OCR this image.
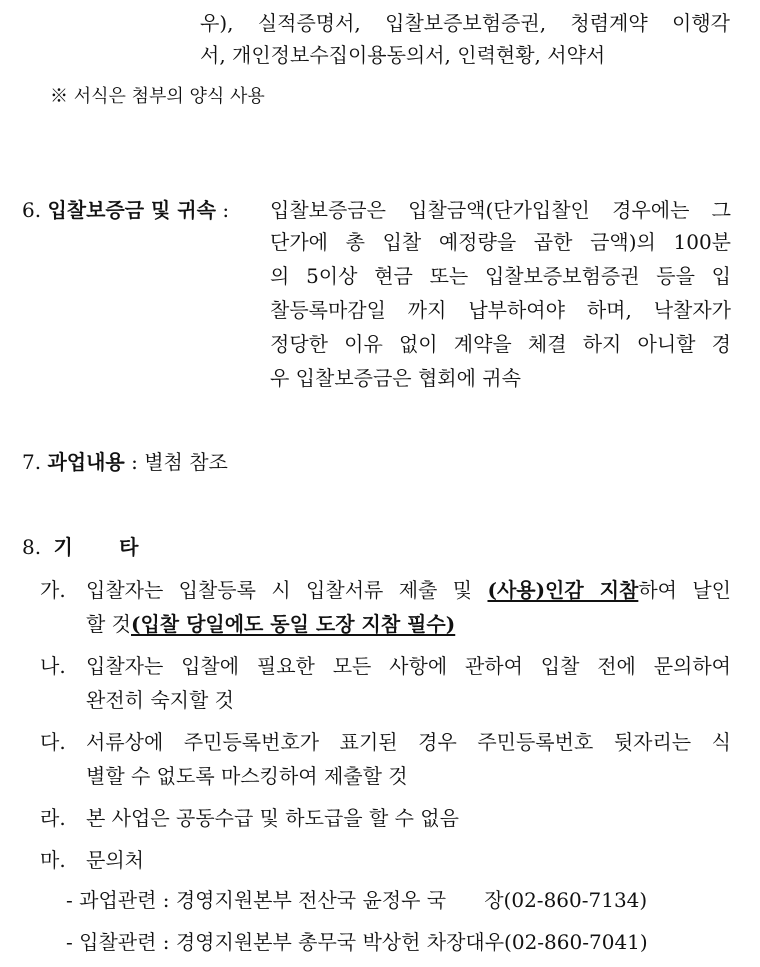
우), 실적증명서, 입찰보증보험증권, 청렴계약 이행각
서, 개인정보수집이용동의서, 인력현황, 서약서
※ 서식은 첨부의 양식 사용
6. 입찰보증금 및 귀속 : 입찰보증금은 입찰금액(단가입찰인 경우에는 그
단가에 총 입찰 예정량을 곱한 금액)의 100분
의 5이상 현금 또는 입찰보증보험증권 등을 입
찰등록마감일 까지 납부하여야 하며, 낙찰자가
정당한 이유 없이 계약을 체결 하지 아니할 경
우 입찰보증금은 협회에 귀속
7. 과업내용 : 별첨 참조
8. 기 타
가. 입찰자는 입찰등록 시 입찰서류 제출 및 (사용)인감 지참하여 날인
할 것(입찰 당일에도 동일 도장 지참 필수)
나. 입찰자는 입찰에 필요한 모든 사항에 관하여 입찰 전에 문의하여
완전히 숙지할 것
다. 서류상에 주민등록번호가 표기된 경우 주민등록번호 뒷자리는 식
별할 수 없도록 마스킹하여 제출할 것
라. 본 사업은 공동수급 및 하도급을 할 수 없음
마. 문의처
- 과업관련 : 경영지원본부 전산국 윤정우 국      장(02-860-7134)
- 입찰관련 : 경영지원본부 총무국 박상헌 차장대우(02-860-7041)
